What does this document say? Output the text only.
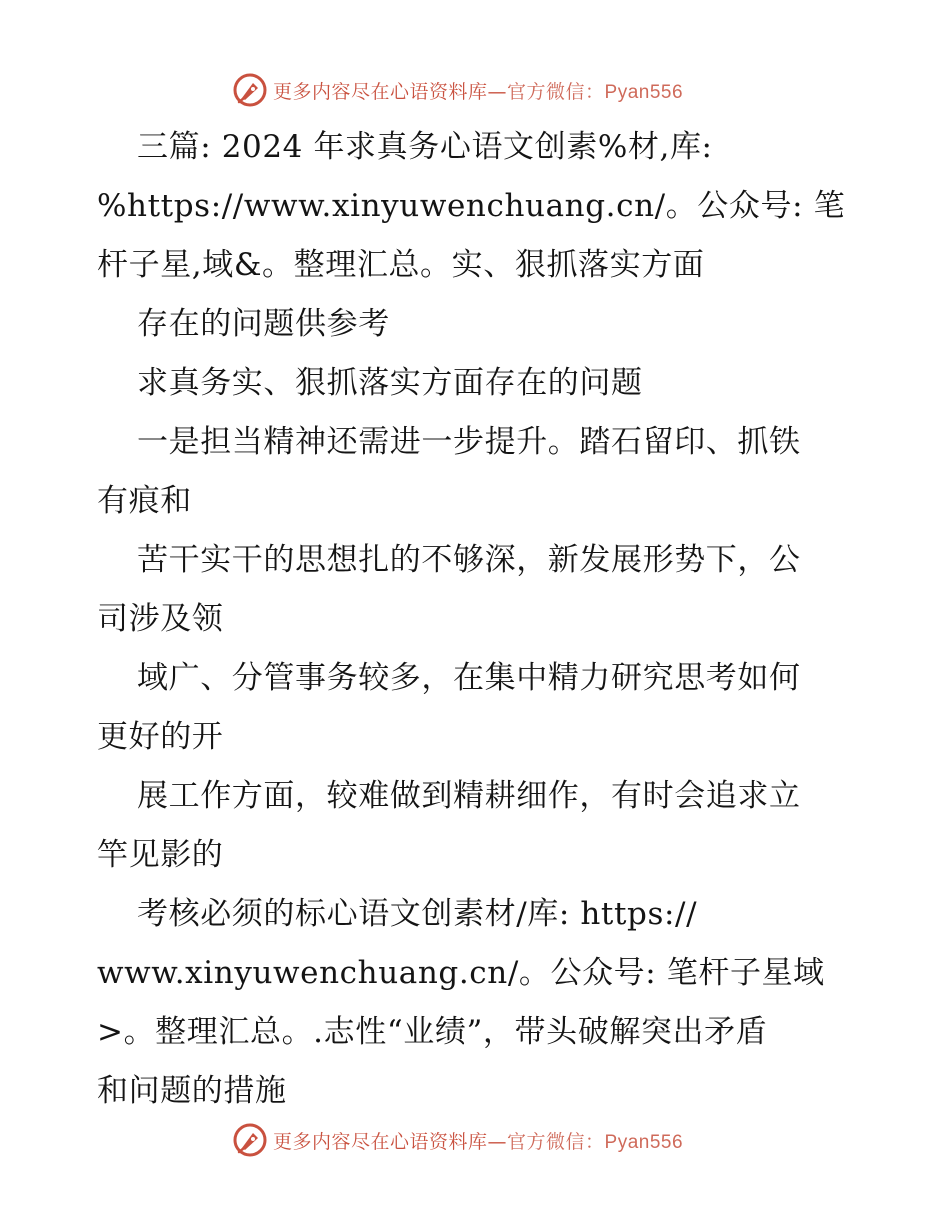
更多内容尽在心语资料库—官方微信：Pyan556
三篇: 2024 年求真务心语文创素%材,库:
%https://www.xinyuwenchuang.cn/。公众号: 笔
杆子星,域&。整理汇总。实、狠抓落实方面
存在的问题供参考
求真务实、狠抓落实方面存在的问题
一是担当精神还需进一步提升。踏石留印、抓铁
有痕和
苦干实干的思想扎的不够深，新发展形势下，公
司涉及领
域广、分管事务较多，在集中精力研究思考如何
更好的开
展工作方面，较难做到精耕细作，有时会追求立
竿见影的
考核必须的标心语文创素材/库: https://
www.xinyuwenchuang.cn/。公众号: 笔杆子星域
>。整理汇总。.志性“业绩”，带头破解突出矛盾
和问题的措施
更多内容尽在心语资料库—官方微信：Pyan556
